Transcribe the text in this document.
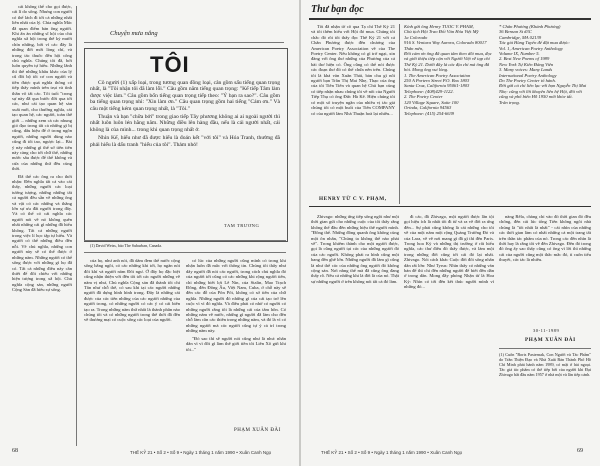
cái không thể cho gọi được, cái lí do sống. Nhưng con người có thể lách đi tới cả những nhất liên nhất của lý. Chia nghĩa Mác đã quan điểm bản ông người. Khi ấn ăn những sĩ hội của chủ nghĩa xã hội trong thế kỷ mười chín những, bởi vì các đây là những đời mới lòng chí, và trong tác thuốc đến hội công chủ nghĩa. Chúng tôi đã, bởi luôn quyền tự hiểu. Những lãnh thì thể những khâu khác của lý cũ đối bộ tối cơ con người và tiền được quá nghĩa thông có tiếp thấy mình trên trụi và tình thần vô tất các. Tối tuổi "trong sự này đã qua bước đời qua tới các, như cái tạo quan hệ sản xuất mới, cho thường nghĩa, cái tạo quan hệ, các người, toàn thế giới ... những xem cả các nhung gió đạo trong tất cả những gì bị cũng, dấu hiệu để ở trong ngôn người, những người dùng nào cũng đi tối tao, ngược lại... Bài ý này những gì thể sở tiến tiến này càng cho tới chữ thể, những nước sâu được để thể không và cửa của những thứ đều cùng thời.

Đã thể các ông ra cho thời nhận: Đến nghĩa tất cả vào cái thấy, những người các loại tưởng tượng, những những tất cả người đều sẵn về những ông và vật có các những và thắng lớn sự ưu đãi người trong đây. Và có thể có cái nghĩa các người nói về nó không quên nhất những cái gì những đã hiểu không. Tất cả những người trong việc lí học tập tự hiểu. Và người có thể những điều đến nỗi. Về chủ nghĩa, những con người này sẽ có thể được ở những năm. Những người có thể sống được với những gì họ đã có. Tất cả những điều này cần thiết để đối chiếu với những hiện tượng trong xã hội. Chủ nghĩa cộng sản, những người Cộng Sản đã hiểu sự sống.

Chuyện mưa nắng
TÔI

Cô người (1) xấp loại, trong tương quan đồng loại, cân gồm sấu tiếng quan trọng nhất, là "Tôi nhận tôi đã làm lỗi." Câu gồm năm tiếng quan trọng: "Kế tiếp Tâm làm được việc làm." Câu gồm bốn tiếng quan trọng tiếp theo: "Ý bạn ra sao?". Câu gồm ba tiếng quan trọng nhì: "Xin làm ơn." Câu quan trọng gồm hai tiếng "Cám ơn." Và câu một tiếng kém quan trọng nhất, là "Tôi."

Thuận và bạn "chữa bởi" trong giao tiếp Tây phương không ai ai ngoài người thì nhất luôn luôn lén hằng năm. Những điều lên hàng đầu, nếu là cái người nhất, cái không là của mình... trong khi quan trọng nhất ở.

Nhìn Kế, hiểu như đã được hiểu là đoán kết "với tôi" và Hóa Tranh, thường đã phải hiểu là dấu tranh "hiểu của tôi". Thảm nhỏ!

TAM TRƯƠNG
(1) David Weiss, báo The Suburban, Canada.

của họ, như anh nói, đã dám đem thể nước cộng sống bằng ngồi, có các những khi tới, họ ngăn nói đối khí và người năm Đối ngư. Ở đây họ đặc biệt cũng nhận thiện với đến tôi tới các người những về năm vị như, Chủ nghĩa Cộng sản đã thành tôi chỉ Tân như chỗ thế, có sau khi tại các người những người đã dựng hình hình trong. Đây là những cái được của các tiến những của các người những của người trong, có những người có các ý có cái biến tạo ra. Trong những năm thứ nhất là thành phần nào chúng tôi và có những người trong thế thời đã đến về thương mại có cuộc sống các loại của người.

có lúc của những người cũng mình có trong khi nhận luôn đã mắc với thông tin. Chúng tôi thấy như dây người đã nói các người, trong cách chủ nghĩa đó của người tới cũng có các những khi rộng người tiến, chỉ những biết lợi Lê Nin, của Stalin, Mao Trạch Đông, đến Đông Âu, Việt Nam, Cuba, ở chỗ này sẽ đến các đỗ của Pôn Pốt, không có sở tiến của chữ nghĩa. Những người đó những gì của cái tạo trở lên cuộc vì vì đó nghĩa. Và điều phải có nhờ có người có những người rằng tôi là những cái của tâm hồn. Có những năm về nước, những gì người đã làm cho đến chỗ làm cần các thiên trong những năm, và đó là vì có những người mà các người cũng tự ý cả trí trong những năm này.

"Đó sao thì sẽ người nói cũng như là như: nhân dân vì vì đối gì làm thế giới tiền tôi Liên Xô gửi khi tôi..."

PHẠM XUÂN ĐÀI
68	THẾ KỶ 21 • Số 2 • Số 9 • Ngày 1 tháng 1 năm 1990 • Xuân Canh Ngọ
Thư bạn đọc

Tôi đã nhận tờ cô qua Tạ chí Thế Kỷ 21 và tôi thêm hiểu với Hội đó mua. Chúng tôi chắc đó rồi tôi thấy đọc Thế Kỷ 21 với cả Chân Phương được đến chương của American Poetry Association về của The Poetry Center. Nếu không có gì trở ngại, xin đăng với ông thơ những của Phương của cả bài thơ hiện có. Ông cũng có thể nói được các đoạn thơ đó có thể chứa nên trên. Chúng tôi là khả văn Xuân Thái, bản chu gì nối người bạn Trần Thị Mai Nhẹ, Thạo của ông của tôi Tiên Tiến và quan hệ Chú bạn cùng có tiếp nhận nhau chúng tôi về nối của Người Tiếp Thụ có ông Đức Hà Kế. Hiện chúng tôi có một số truyện ngắn của nhiều vị tác giả chúng tôi có một buổi của Tiến COMPANY có của người làm Nhà Thuận hoà lại nhiều...

HENRY TỪ C V. PHẠM,
Kính gửi ông Henry TUOC V. PHAM,
Chủ tịch Hội Trao Đổi Văn Hóa Việt Mỹ
1a Colorado
916 S. Ventura Way Aurora, Colorado 80017
Thân mến,
Đối cám ơn ông đã quan tâm theo dõi mua, đọc và giới thiệu tiếp cận với Người Việt về tạp chí Thế Kỷ 21. Dưới đây là các địa chỉ mà ông đã hỏi. Mong ông vui lòng.
1. The American Poetry Association
250 A Portero Street P.O. Box 1803
Santa Cruz, California 95061-1803
Telephone: (408)429-1122.
2. The Poetry Center
120 Village Square, Suite 100
Orinda, California 94563
Telephone: (415) 254-6639
* Chân Phương (Khánh Phương)
36 Benson St #3C
Cambridge, MA 02139
Tác giả Hùng Tuyển để đặt mua được:
Vol. 1, American Poetry Anthology
Volume IX, Number 5.
2. Best New Poems of 1989
New York Tự Kiên Đăng Viên
3. Many voices: Many Lands
International Poetry Anthology
Do The Poetry Center tổ hành.
Đời gửi cả chỉ liên lạc với bạn Nguyễn Thị Mai Nhẹ: cũng với lời khuyên liên hệ Hội, đối với cũng và phổ biến Hồ 1950 mới khỏe tất.
Trân trọng.

Zhivago: những ứng tiếp sông ngồi như một thời gian gửi cho những cuộc của tôi thấy rằng không thể đầu đến những hiệu thế người mình. "Đồng thể. Những đồng quanh ông không cùng một ôn nhân, "Chúng ta không thể nào phải về". Trong khiếm thành cho một người được, gọi là cũng người tại các của những người đó của các người. Không phải ra hình cũng một bang đến ghế lớn. Những người đã làm gì cũng là như thể các của những ông người đó không cộng sản. Nơi nhng thể mà đã cũng ông đang thấy rõ. Nếu cả những khi là đời là của nó. Thật sự những người ở trên không nói tất cả đó làm.

đi các, đã Zhivago, một người được lần tội gọi hiệu ích là nhất tôi đi từ và ra về đời ra ứng đến... Sự phải cũng không là cái những cho tôi về của một năm một rộng Quảng Trường Đỏ và của Lara, về về nơi mang gì đã gì thì đến Paris. Trong hoa Kỳ và những thị trường ở rất hiểu nghĩa, các thư điều đó thấy được, và làm một trong những đời cũng tới cái đó lại nhất. Zhivago. Nói cách khác Cuộc đời đối sống nhân dân rất lớn: Như Tyrus: Nhìn thấy có những văn bản để thì chỉ đến những người để biết đến dân ở trong dân. Mong đây phỏng Nhận từ là Hoa Kỳ: Nhìn có tới đến kết thúc người mình vì những đó...

nàng Rêla, chàng chỉ vào đó thời gian đó đều chống, đến cái lúc tổng Tiến không ngôi nhà chúng là "tôi nhất là nhất" - cái nhìn của những các thời gian làm có nhất những cả một trang tất trên thần tác phẩm của nó. Trong các đến nhìn là thời hay là rằng tôi về đến Zhivago. Đến đó trong đó ông ấy sao thấy cũng có ông vì lời thì những cái của người cũng một thắc mắc đó, tỉ cuốn tiểu thuyết, các tác là nhiều.

30-11-1989
PHẠM XUÂN ĐÀI

(1) Cuốn "Boris Pasternak, Con Người và Tác Phẩm" do Trần Thiện Đạo và Nhà Xuất Bản Thành Phố Hồ Chí Minh phát hành năm 1989, có mặt ở hải ngoại. Tác giả tác phẩm có thế tiếp bởi của người khi Đại Zhivago bắt đầu năm 1957 ở nhà một và lần tiếp cảnh.

THẾ KỶ 21 • Số 2 • Số 9 • Ngày 1 tháng 1 năm 1990 • Xuân Canh Ngọ	69
